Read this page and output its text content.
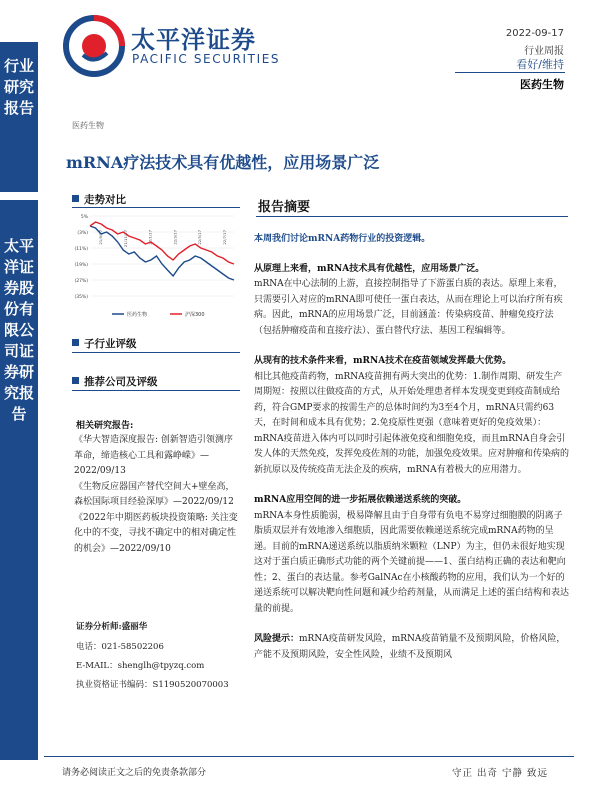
行业研究报告
太平洋证券股份有限公司证券研究报告
太平洋证券
PACIFIC SECURITIES
2022-09-17
行业周报
看好/维持
医药生物
医药生物
mRNA疗法技术具有优越性，应用场景广泛
走势对比
5%
(3%)
(11%)
(19%)
(27%)
(35%)
21/9/17	21/11/17	22/1/17	22/3/17	22/5/17	22/7/17
医药生物	沪深300
子行业评级
推荐公司及评级
相关研究报告:

《华大智造深度报告: 创新智造引领测序革命，缔造核心工具和露峥嵘》—2022/09/13

《生物反应器国产替代空间大+壁垒高，森松国际项目经验深厚》—2022/09/12

《2022年中期医药板块投资策略: 关注变化中的不变，寻找不确定中的相对确定性的机会》—2022/09/10

证券分析师:盛丽华
电话：021-58502206
E-MAIL：shenglh@tpyzq.com
执业资格证书编码：S1190520070003
报告摘要

本周我们讨论mRNA药物行业的投资逻辑。

从原理上来看，mRNA技术具有优越性，应用场景广泛。

mRNA在中心法制的上游，直接控制指导了下游蛋白质的表达。原理上来看，只需要引入对应的mRNA即可使任一蛋白表达，从而在理论上可以治疗所有疾病。因此，mRNA的应用场景广泛，目前涵盖：传染病疫苗、肿瘤免疫疗法（包括肿瘤疫苗和直接疗法）、蛋白替代疗法、基因工程编辑等。

从现有的技术条件来看，mRNA技术在疫苗领域发挥最大优势。

相比其他疫苗药物，mRNA疫苗拥有两大突出的优势：1.制作周期、研发生产周期短：按照以往做疫苗的方式，从开始处理患者样本发现变更到疫苗制成给药，符合GMP要求的按需生产的总体时间约为3至4个月，mRNA只需约63天，在时间和成本具有优势；2.免疫原性更强（意味着更好的免疫效果）：mRNA疫苗进入体内可以同时引起体液免疫和细胞免疫，而且mRNA自身会引发人体的天然免疫，发挥免疫佐剂的功能，加强免疫效果。应对肿瘤和传染病的新抗原以及传统疫苗无法企及的疾病，mRNA有着极大的应用潜力。

mRNA应用空间的进一步拓展依赖递送系统的突破。

mRNA本身性质脆弱，极易降解且由于自身带有负电不易穿过细胞膜的阴离子脂质双层并有效地渗入细胞质，因此需要依赖递送系统完成mRNA药物的呈递。目前的mRNA递送系统以脂质纳米颗粒（LNP）为主，但仍未很好地实现这对于蛋白质正确形式功能的两个关键前提——1、蛋白结构正确的表达和靶向性；2、蛋白的表达量。参考GalNAc在小核酸药物的应用，我们认为一个好的递送系统可以解决靶向性问题和减少给药剂量，从而满足上述的蛋白结构和表达量的前提。

风险提示：mRNA疫苗研发风险，mRNA疫苗销量不及预期风险，价格风险，产能不及预期风险，安全性风险，业绩不及预期风

请务必阅读正文之后的免责条款部分	守正 出奇 宁静 致远
